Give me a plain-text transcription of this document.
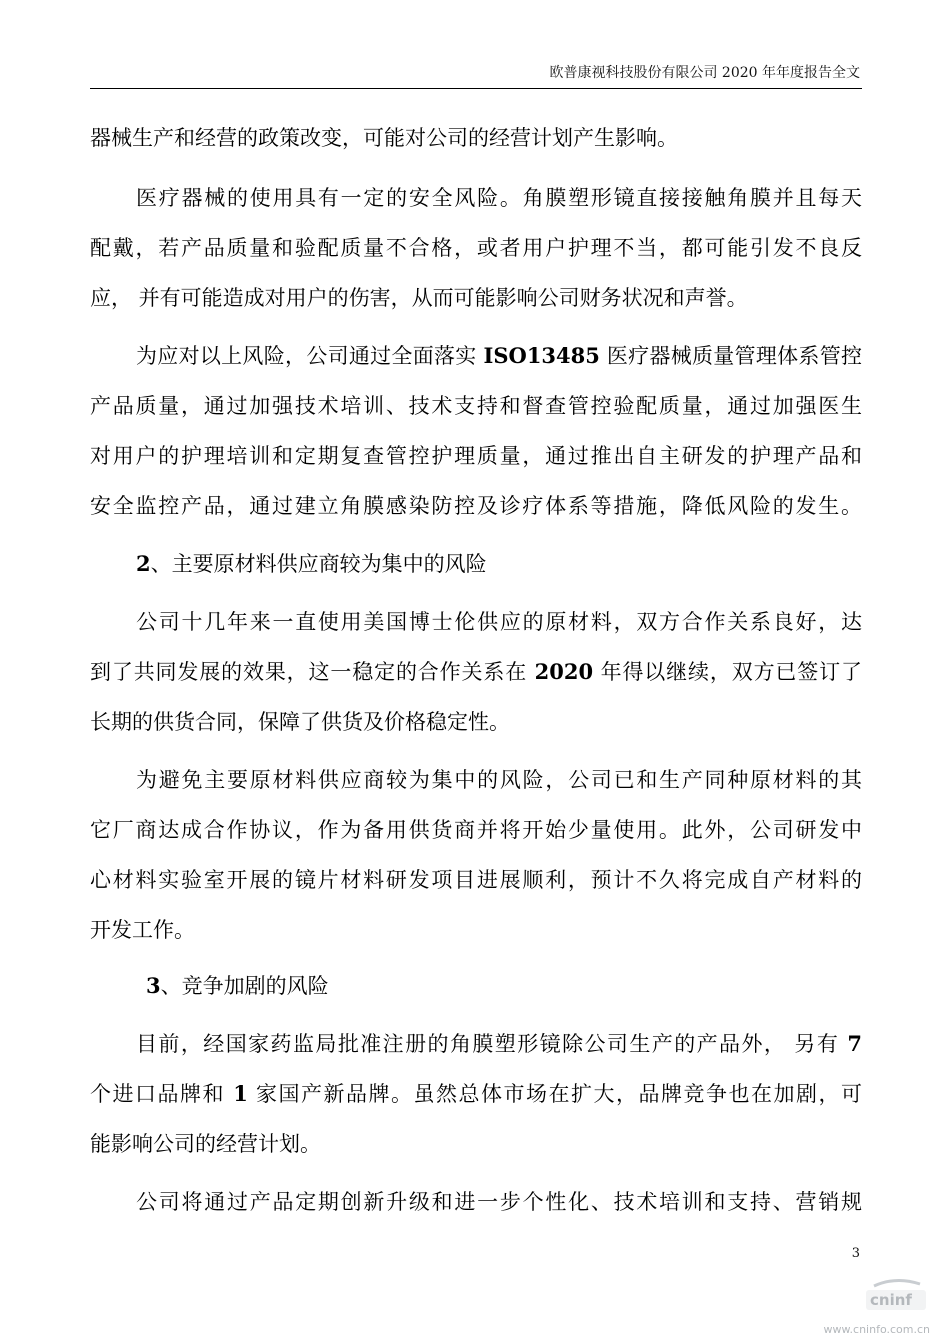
欧普康视科技股份有限公司 2020 年年度报告全文
器械生产和经营的政策改变，可能对公司的经营计划产生影响。
医疗器械的使用具有一定的安全风险。角膜塑形镜直接接触角膜并且每天
配戴，若产品质量和验配质量不合格，或者用户护理不当，都可能引发不良反
应， 并有可能造成对用户的伤害，从而可能影响公司财务状况和声誉。
为应对以上风险，公司通过全面落实 ISO13485 医疗器械质量管理体系管控
产品质量，通过加强技术培训、技术支持和督查管控验配质量，通过加强医生
对用户的护理培训和定期复查管控护理质量，通过推出自主研发的护理产品和
安全监控产品，通过建立角膜感染防控及诊疗体系等措施，降低风险的发生。
2、主要原材料供应商较为集中的风险
公司十几年来一直使用美国博士伦供应的原材料，双方合作关系良好，达
到了共同发展的效果，这一稳定的合作关系在 2020 年得以继续，双方已签订了
长期的供货合同，保障了供货及价格稳定性。
为避免主要原材料供应商较为集中的风险，公司已和生产同种原材料的其
它厂商达成合作协议，作为备用供货商并将开始少量使用。此外，公司研发中
心材料实验室开展的镜片材料研发项目进展顺利，预计不久将完成自产材料的
开发工作。
3、竞争加剧的风险
目前，经国家药监局批准注册的角膜塑形镜除公司生产的产品外， 另有 7
个进口品牌和 1 家国产新品牌。虽然总体市场在扩大，品牌竞争也在加剧，可
能影响公司的经营计划。
公司将通过产品定期创新升级和进一步个性化、技术培训和支持、营销规
3
cninf
www.cninfo.com.cn
